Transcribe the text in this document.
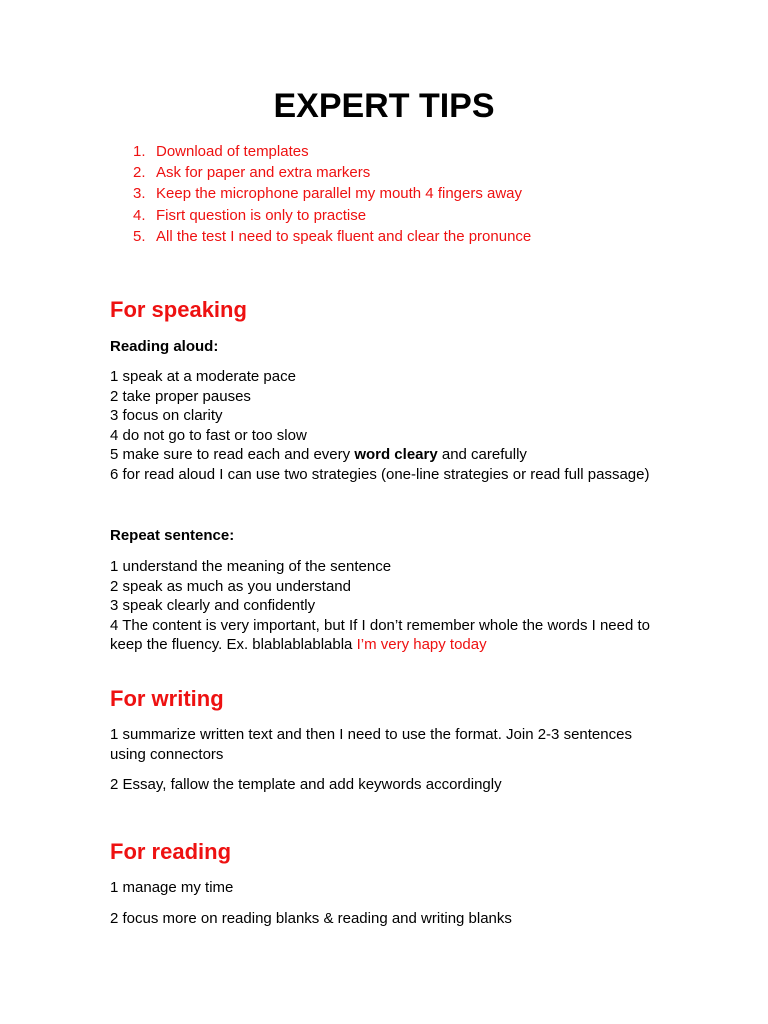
EXPERT TIPS
1. Download of templates
2. Ask for paper and extra markers
3. Keep the microphone parallel my mouth 4 fingers away
4. Fisrt question is only to practise
5. All the test I need to speak fluent and clear the pronunce
For speaking
Reading aloud:
1 speak at a moderate pace
2 take proper pauses
3 focus on clarity
4 do not go to fast or too slow
5 make sure to read each and every word cleary and carefully
6 for read aloud I can use two strategies (one-line strategies or read full passage)
Repeat sentence:
1 understand the meaning of the sentence
2 speak as much as you understand
3 speak clearly and confidently
4 The content is very important, but If I don’t remember whole the words I need to keep the fluency. Ex. blablablablabla I’m very hapy today
For writing
1 summarize written text and then I need to use the format. Join 2-3 sentences using connectors
2 Essay, fallow the template and add keywords accordingly
For reading
1 manage my time
2 focus more on reading blanks & reading and writing blanks
